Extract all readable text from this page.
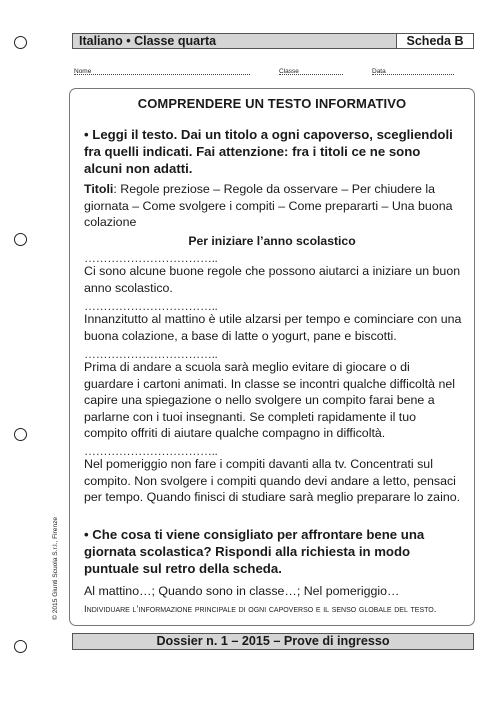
Italiano • Classe quarta	Scheda B
Nome	Classe	Data
COMPRENDERE UN TESTO INFORMATIVO

• Leggi il testo. Dai un titolo a ogni capoverso, scegliendoli fra quelli indicati. Fai attenzione: fra i titoli ce ne sono alcuni non adatti.

Titoli: Regole preziose – Regole da osservare – Per chiudere la giornata – Come svolgere i compiti – Come prepararti – Una buona colazione

Per iniziare l’anno scolastico
……………………………..

Ci sono alcune buone regole che possono aiutarci a iniziare un buon anno scolastico.

……………………………..

Innanzitutto al mattino è utile alzarsi per tempo e cominciare con una buona colazione, a base di latte o yogurt, pane e biscotti.

……………………………..

Prima di andare a scuola sarà meglio evitare di giocare o di guardare i cartoni animati. In classe se incontri qualche difficoltà nel capire una spiegazione o nello svolgere un compito farai bene a parlarne con i tuoi insegnanti. Se completi rapidamente il tuo compito offriti di aiutare qualche compagno in difficoltà.

……………………………..

Nel pomeriggio non fare i compiti davanti alla tv. Concentrati sul compito. Non svolgere i compiti quando devi andare a letto, pensaci per tempo. Quando finisci di studiare sarà meglio preparare lo zaino.

• Che cosa ti viene consigliato per affrontare bene una giornata scolastica? Rispondi alla richiesta in modo puntuale sul retro della scheda.

Al mattino…; Quando sono in classe…; Nel pomeriggio…

Individuare l’informazione principale di ogni capoverso e il senso globale del testo.

© 2015 Giunti Scuola S.r.l., Firenze
Dossier n. 1 – 2015 – Prove di ingresso
